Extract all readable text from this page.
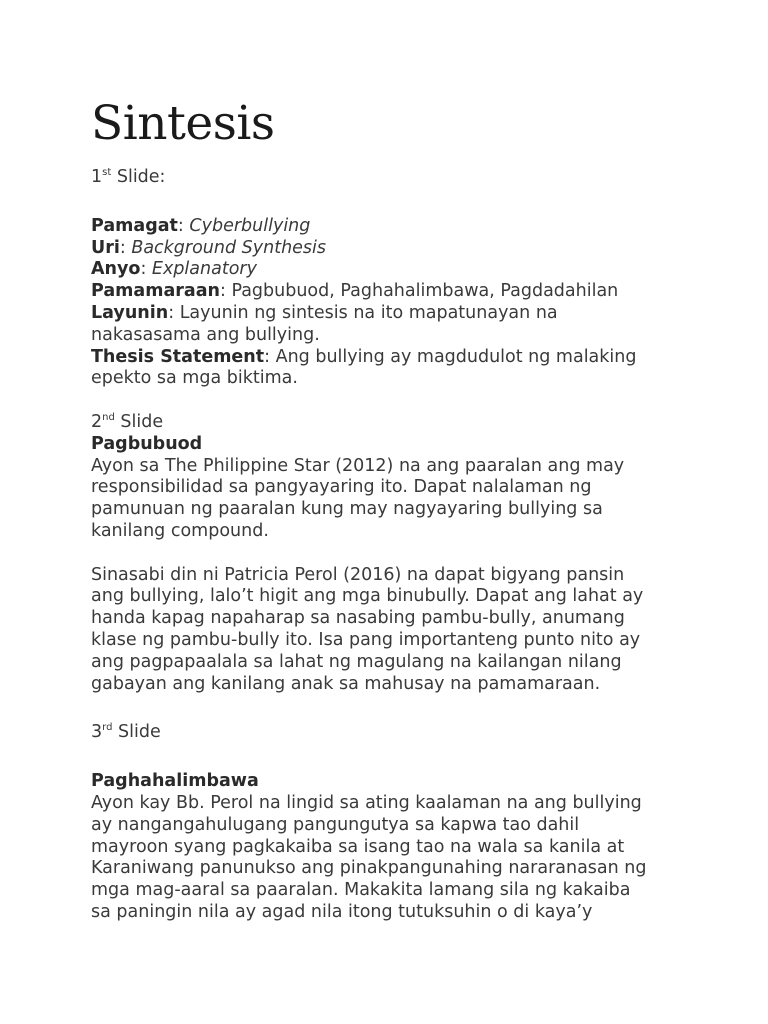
Sintesis

1st Slide:

Pamagat: Cyberbullying

Uri: Background Synthesis

Anyo: Explanatory

Pamamaraan: Pagbubuod, Paghahalimbawa, Pagdadahilan

Layunin: Layunin ng sintesis na ito mapatunayan na

nakasasama ang bullying.

Thesis Statement: Ang bullying ay magdudulot ng malaking

epekto sa mga biktima.

2nd Slide

Pagbubuod

Ayon sa The Philippine Star (2012) na ang paaralan ang may

responsibilidad sa pangyayaring ito. Dapat nalalaman ng

pamunuan ng paaralan kung may nagyayaring bullying sa

kanilang compound.

Sinasabi din ni Patricia Perol (2016) na dapat bigyang pansin

ang bullying, lalo’t higit ang mga binubully. Dapat ang lahat ay

handa kapag napaharap sa nasabing pambu-bully, anumang

klase ng pambu-bully ito. Isa pang importanteng punto nito ay

ang pagpapaalala sa lahat ng magulang na kailangan nilang

gabayan ang kanilang anak sa mahusay na pamamaraan.

3rd Slide

Paghahalimbawa

Ayon kay Bb. Perol na lingid sa ating kaalaman na ang bullying

ay nangangahulugang pangungutya sa kapwa tao dahil

mayroon syang pagkakaiba sa isang tao na wala sa kanila at

Karaniwang panunukso ang pinakpangunahing nararanasan ng

mga mag-aaral sa paaralan. Makakita lamang sila ng kakaiba

sa paningin nila ay agad nila itong tutuksuhin o di kaya’y
